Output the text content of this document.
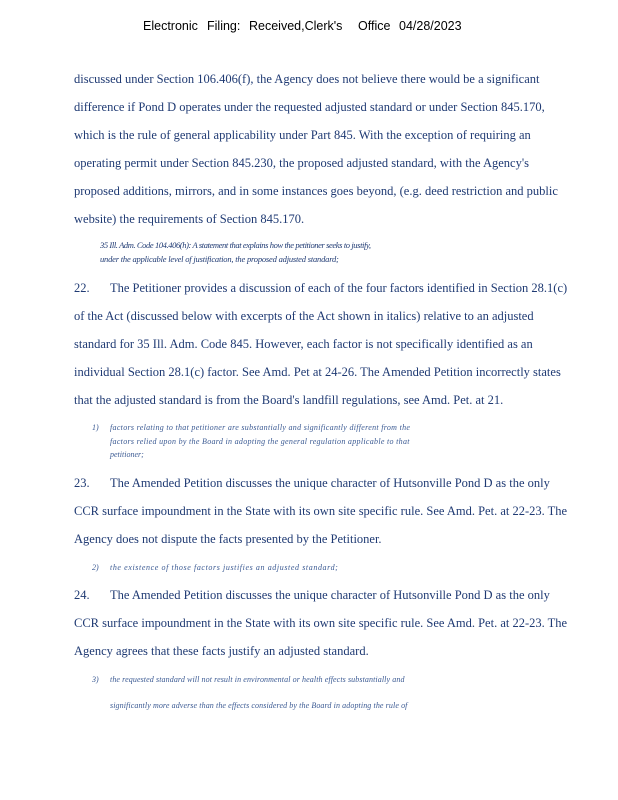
Electronic Filing: Received,Clerk's Office 04/28/2023
discussed under Section 106.406(f), the Agency does not believe there would be a significant
difference if Pond D operates under the requested adjusted standard or under Section 845.170,
which is the rule of general applicability under Part 845. With the exception of requiring an
operating permit under Section 845.230, the proposed adjusted standard, with the Agency's
proposed additions, mirrors, and in some instances goes beyond, (e.g. deed restriction and public
website) the requirements of Section 845.170.
35 Ill. Adm. Code 104.406(h): A statement that explains how the petitioner seeks to justify,
under the applicable level of justification, the proposed adjusted standard;
22. The Petitioner provides a discussion of each of the four factors identified in Section 28.1(c)
of the Act (discussed below with excerpts of the Act shown in italics) relative to an adjusted
standard for 35 Ill. Adm. Code 845. However, each factor is not specifically identified as an
individual Section 28.1(c) factor. See Amd. Pet at 24-26. The Amended Petition incorrectly states
that the adjusted standard is from the Board's landfill regulations, see Amd. Pet. at 21.
1) factors relating to that petitioner are substantially and significantly different from the
factors relied upon by the Board in adopting the general regulation applicable to that
petitioner;
23. The Amended Petition discusses the unique character of Hutsonville Pond D as the only
CCR surface impoundment in the State with its own site specific rule. See Amd. Pet. at 22-23. The
Agency does not dispute the facts presented by the Petitioner.
2) the existence of those factors justifies an adjusted standard;
24. The Amended Petition discusses the unique character of Hutsonville Pond D as the only
CCR surface impoundment in the State with its own site specific rule. See Amd. Pet. at 22-23. The
Agency agrees that these facts justify an adjusted standard.
3) the requested standard will not result in environmental or health effects substantially and
significantly more adverse than the effects considered by the Board in adopting the rule of
